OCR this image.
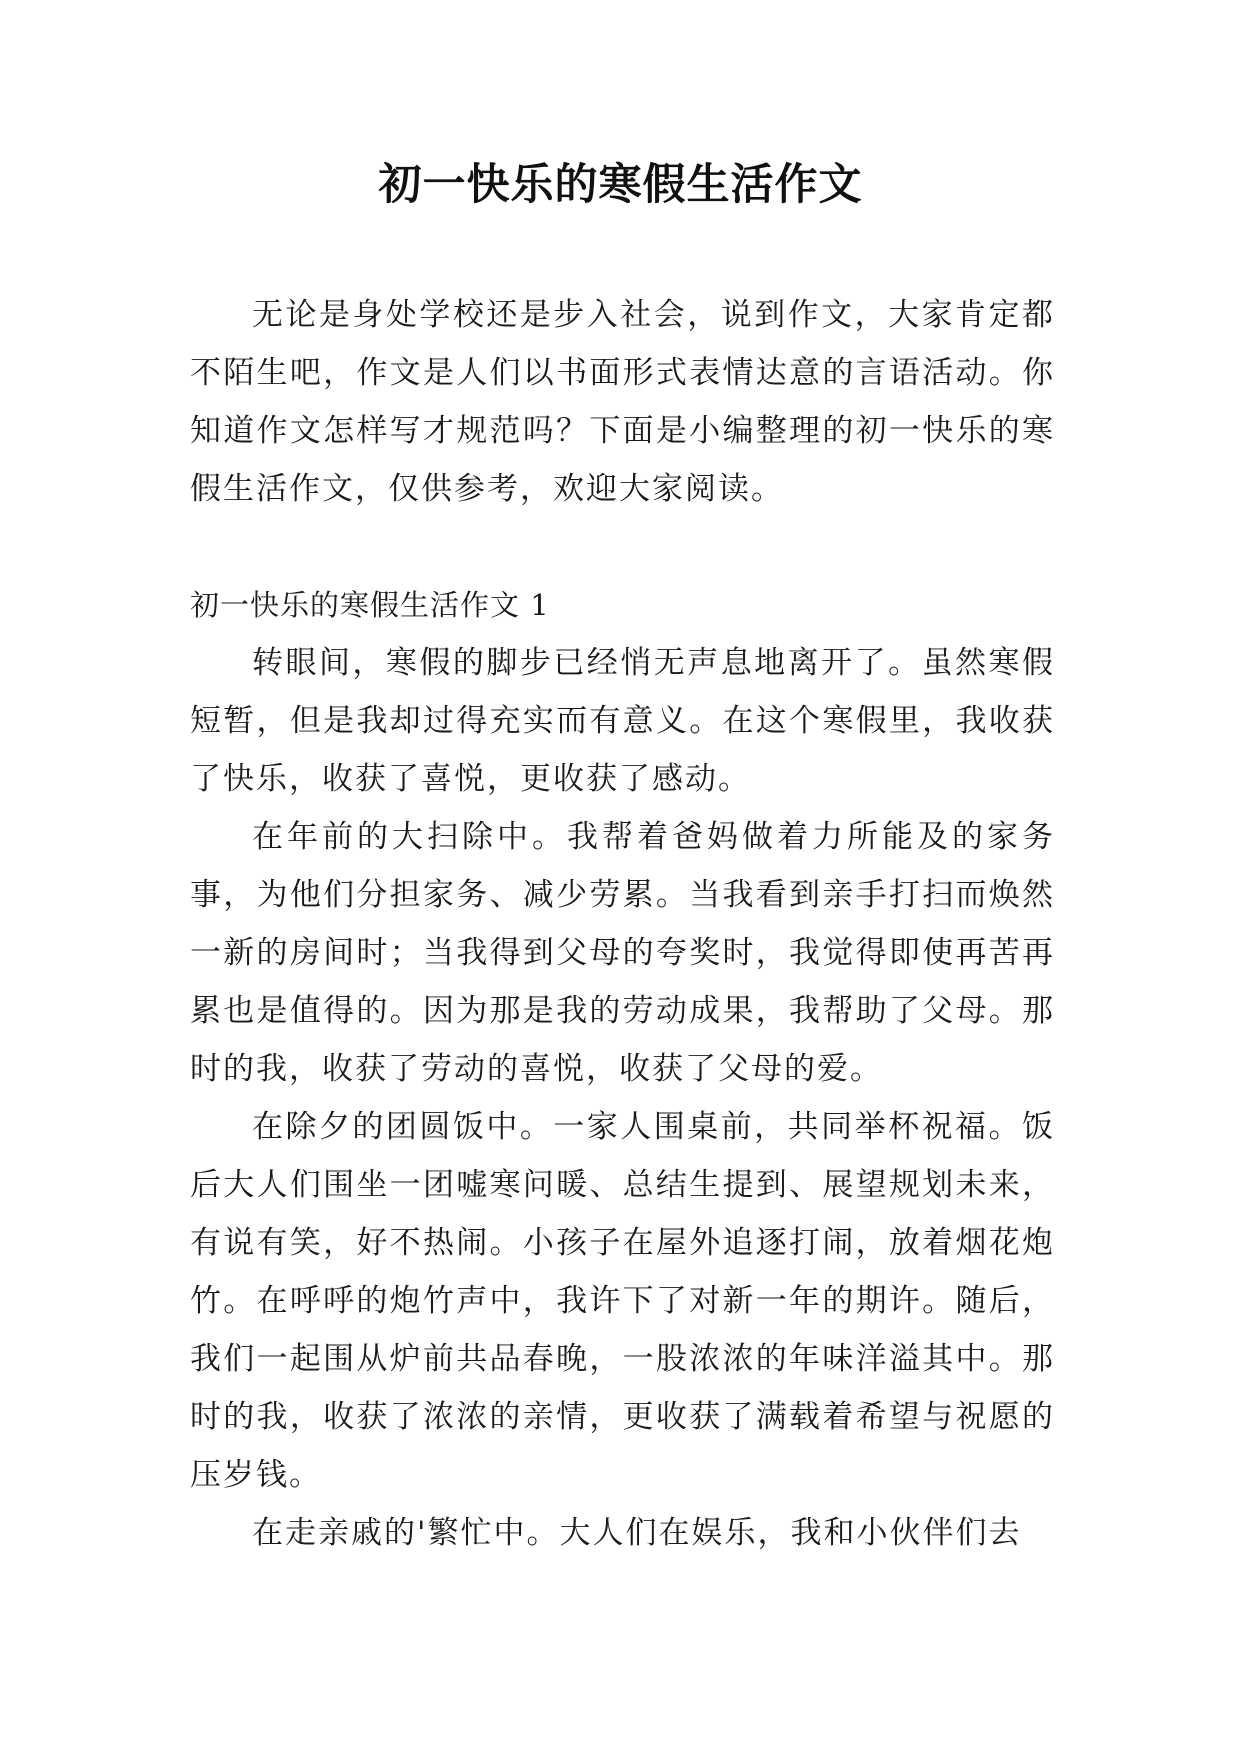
初一快乐的寒假生活作文

无论是身处学校还是步入社会，说到作文，大家肯定都不陌生吧，作文是人们以书面形式表情达意的言语活动。你知道作文怎样写才规范吗？下面是小编整理的初一快乐的寒假生活作文，仅供参考，欢迎大家阅读。

初一快乐的寒假生活作文 1

转眼间，寒假的脚步已经悄无声息地离开了。虽然寒假短暂，但是我却过得充实而有意义。在这个寒假里，我收获了快乐，收获了喜悦，更收获了感动。

在年前的大扫除中。我帮着爸妈做着力所能及的家务事，为他们分担家务、减少劳累。当我看到亲手打扫而焕然一新的房间时；当我得到父母的夸奖时，我觉得即使再苦再累也是值得的。因为那是我的劳动成果，我帮助了父母。那时的我，收获了劳动的喜悦，收获了父母的爱。

在除夕的团圆饭中。一家人围桌前，共同举杯祝福。饭后大人们围坐一团嘘寒问暖、总结生提到、展望规划未来，有说有笑，好不热闹。小孩子在屋外追逐打闹，放着烟花炮竹。在呼呼的炮竹声中，我许下了对新一年的期许。随后，我们一起围从炉前共品春晚，一股浓浓的年味洋溢其中。那时的我，收获了浓浓的亲情，更收获了满载着希望与祝愿的压岁钱。

在走亲戚的'繁忙中。大人们在娱乐，我和小伙伴们去
